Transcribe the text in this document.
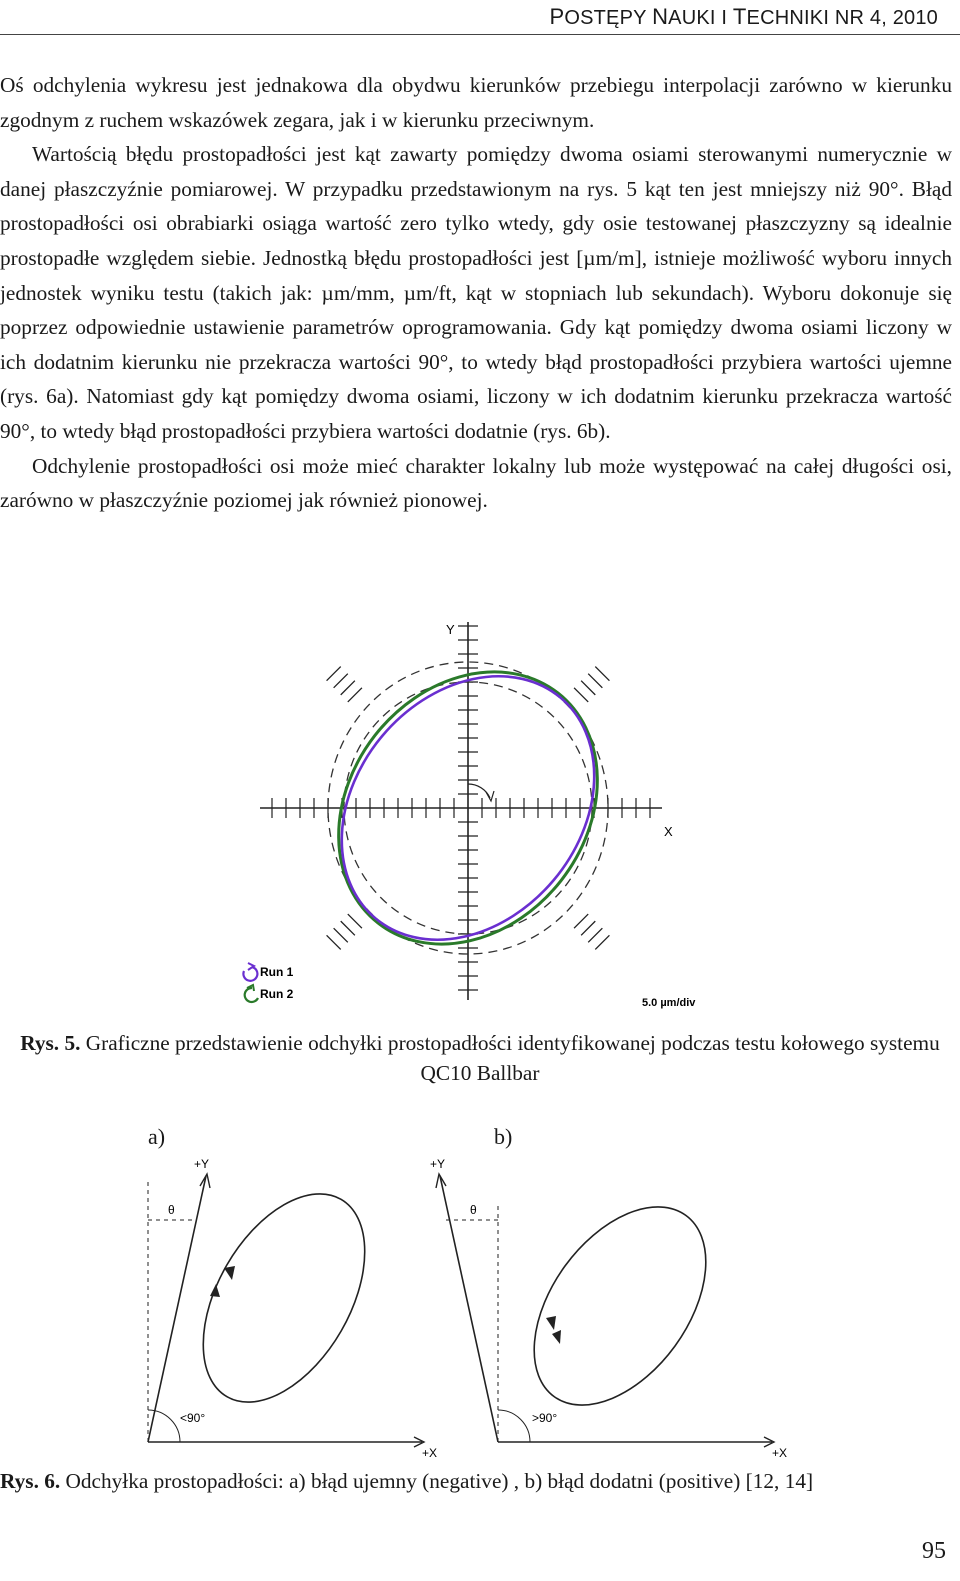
POSTĘPY NAUKI I TECHNIKI NR 4, 2010

Oś odchylenia wykresu jest jednakowa dla obydwu kierunków przebiegu interpolacji zarówno w kierunku zgodnym z ruchem wskazówek zegara, jak i w kierunku przeciwnym.

Wartością błędu prostopadłości jest kąt zawarty pomiędzy dwoma osiami sterowanymi numerycznie w danej płaszczyźnie pomiarowej. W przypadku przedstawionym na rys. 5 kąt ten jest mniejszy niż 90°. Błąd prostopadłości osi obrabiarki osiąga wartość zero tylko wtedy, gdy osie testowanej płaszczyzny są idealnie prostopadłe względem siebie. Jednostką błędu prostopadłości jest [µm/m], istnieje możliwość wyboru innych jednostek wyniku testu (takich jak: µm/mm, µm/ft, kąt w stopniach lub sekundach). Wyboru dokonuje się poprzez odpowiednie ustawienie parametrów oprogramowania. Gdy kąt pomiędzy dwoma osiami liczony w ich dodatnim kierunku nie przekracza wartości 90°, to wtedy błąd prostopadłości przybiera wartości ujemne (rys. 6a). Natomiast gdy kąt pomiędzy dwoma osiami, liczony w ich dodatnim kierunku przekracza wartość 90°, to wtedy błąd prostopadłości przybiera wartości dodatnie (rys. 6b).

Odchylenie prostopadłości osi może mieć charakter lokalny lub może występować na całej długości osi, zarówno w płaszczyźnie poziomej jak również pionowej.

Y
X
Run 1
Run 2
5.0 µm/div
Rys. 5. Graficzne przedstawienie odchyłki prostopadłości identyfikowanej podczas testu kołowego systemu QC10 Ballbar
a)	b)
+Y
+X
θ
<90°
+Y
+X
θ
>90°
Rys. 6. Odchyłka prostopadłości: a) błąd ujemny (negative) , b) błąd dodatni (positive) [12, 14]
95
